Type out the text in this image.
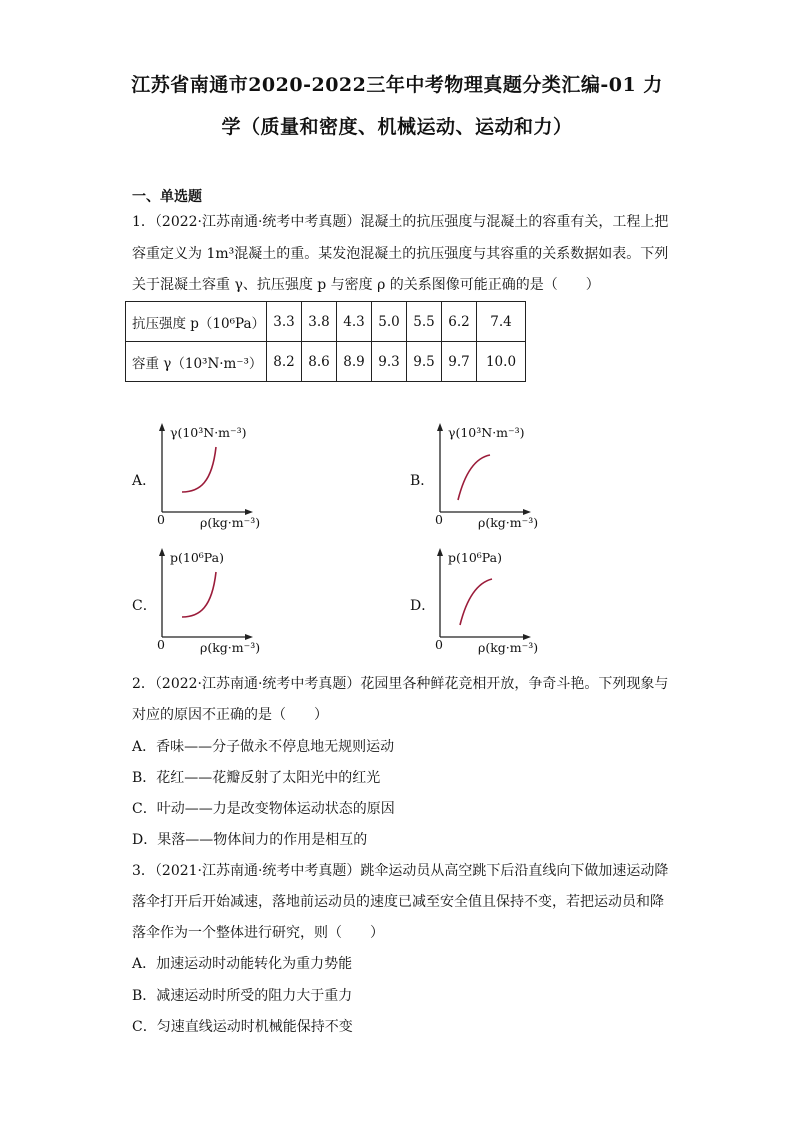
江苏省南通市2020-2022三年中考物理真题分类汇编-01 力
学（质量和密度、机械运动、运动和力）
一、单选题
1．（2022·江苏南通·统考中考真题）混凝土的抗压强度与混凝土的容重有关，工程上把
容重定义为 1m³混凝土的重。某发泡混凝土的抗压强度与其容重的关系数据如表。下列
关于混凝土容重 γ、抗压强度 p 与密度 ρ 的关系图像可能正确的是（　　）
抗压强度 p（10⁶Pa）	3.3	3.8	4.3	5.0	5.5	6.2	7.4
容重 γ（10³N·m⁻³）	8.2	8.6	8.9	9.3	9.5	9.7	10.0
A．
γ(10³N·m⁻³)
ρ(kg·m⁻³)
0
B．
γ(10³N·m⁻³)
ρ(kg·m⁻³)
0
C．
p(10⁶Pa)
ρ(kg·m⁻³)
0
D．
p(10⁶Pa)
ρ(kg·m⁻³)
0
2．（2022·江苏南通·统考中考真题）花园里各种鲜花竞相开放，争奇斗艳。下列现象与
对应的原因不正确的是（　　）
A．香味——分子做永不停息地无规则运动
B．花红——花瓣反射了太阳光中的红光
C．叶动——力是改变物体运动状态的原因
D．果落——物体间力的作用是相互的
3．（2021·江苏南通·统考中考真题）跳伞运动员从高空跳下后沿直线向下做加速运动降
落伞打开后开始减速，落地前运动员的速度已减至安全值且保持不变，若把运动员和降
落伞作为一个整体进行研究，则（　　）
A．加速运动时动能转化为重力势能
B．减速运动时所受的阻力大于重力
C．匀速直线运动时机械能保持不变
